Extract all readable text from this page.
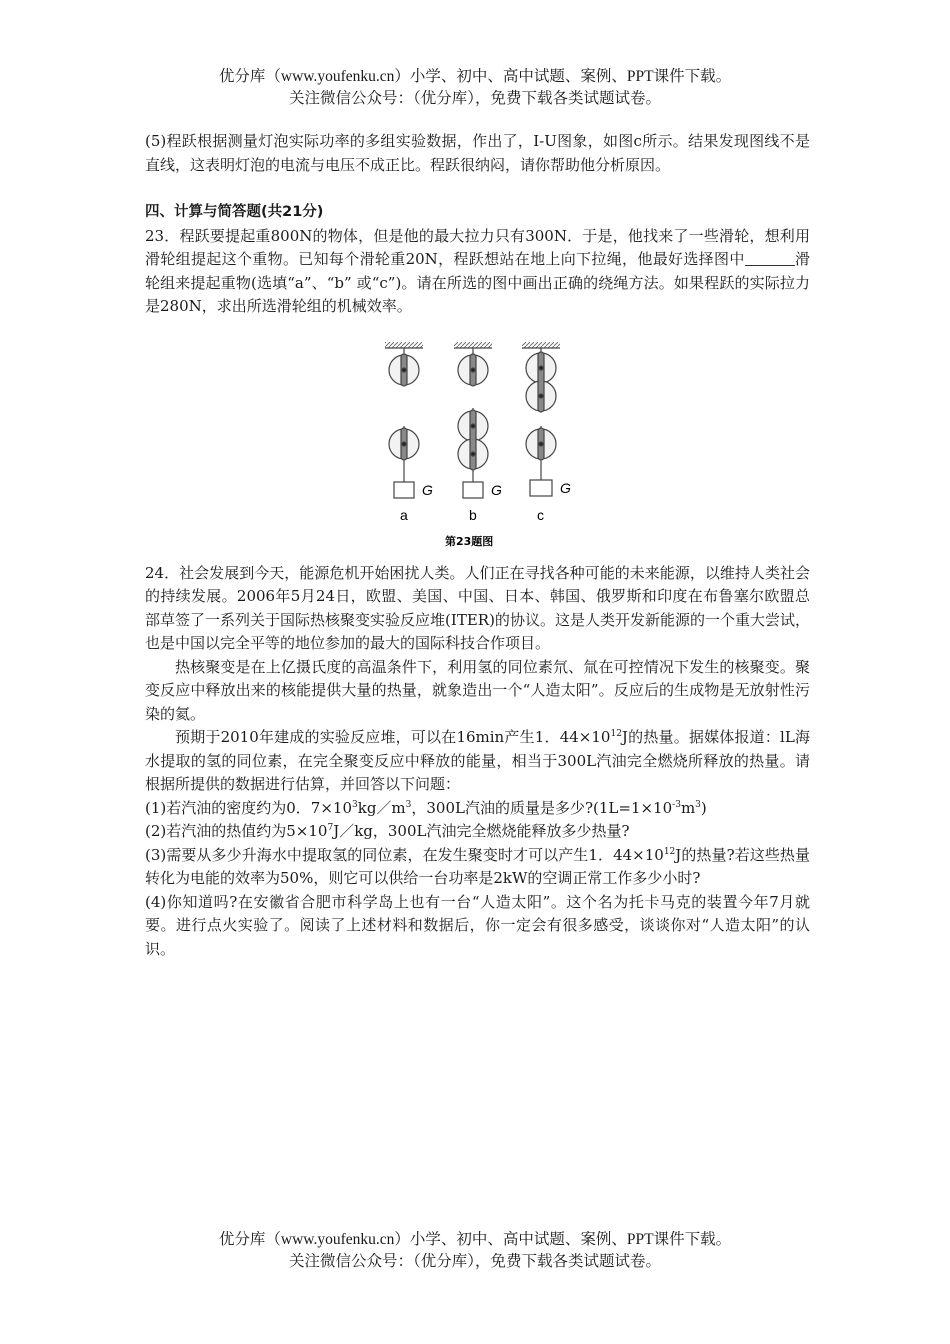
优分库（www.youfenku.cn）小学、初中、高中试题、案例、PPT课件下载。
关注微信公众号：（优分库），免费下载各类试题试卷。

(5)程跃根据测量灯泡实际功率的多组实验数据，作出了，I-U图象，如图c所示。结果发现图线不是直线，这表明灯泡的电流与电压不成正比。程跃很纳闷，请你帮助他分析原因。

四、计算与简答题(共21分)

23．程跃要提起重800N的物体，但是他的最大拉力只有300N．于是，他找来了一些滑轮，想利用滑轮组提起这个重物。已知每个滑轮重20N，程跃想站在地上向下拉绳，他最好选择图中	滑轮组来提起重物(选填“a”、“b” 或“c”)。请在所选的图中画出正确的绕绳方法。如果程跃的实际拉力是280N，求出所选滑轮组的机械效率。

24．社会发展到今天，能源危机开始困扰人类。人们正在寻找各种可能的未来能源，以维持人类社会的持续发展。2006年5月24日，欧盟、美国、中国、日本、韩国、俄罗斯和印度在布鲁塞尔欧盟总部草签了一系列关于国际热核聚变实验反应堆(ITER)的协议。这是人类开发新能源的一个重大尝试，也是中国以完全平等的地位参加的最大的国际科技合作项目。

热核聚变是在上亿摄氏度的高温条件下，利用氢的同位素氘、氚在可控情况下发生的核聚变。聚变反应中释放出来的核能提供大量的热量，就象造出一个“人造太阳”。反应后的生成物是无放射性污染的氦。

预期于2010年建成的实验反应堆，可以在16min产生1．$44\times 10^{12}J$的热量。据媒体报道：lL海水提取的氢的同位素，在完全聚变反应中释放的能量，相当于300L汽油完全燃烧所释放的热量。请根据所提供的数据进行估算，并回答以下问题：

(1)若汽油的密度约为0．$7\times 10^3kg/m^3$，300L汽油的质量是多少$?(1L=1\times 10^{-3}m^3)$

(2)若汽油的热值约为$5\times 10^7J/kg$，300L汽油完全燃烧能释放多少热量?

(3)需要从多少升海水中提取氢的同位素，在发生聚变时才可以产生1．$44\times 10^{12}J$的热量?若这些热量转化为电能的效率为50%，则它可以供给一台功率是2kW的空调正常工作多少小时?

(4)你知道吗?在安徽省合肥市科学岛上也有一台“人造太阳”。这个名为托卡马克的装置今年7月就要。进行点火实验了。阅读了上述材料和数据后，你一定会有很多感受，谈谈你对“人造太阳”的认识。

G	G	G
a	b	c
第23题图
优分库（www.youfenku.cn）小学、初中、高中试题、案例、PPT课件下载。
关注微信公众号：（优分库），免费下载各类试题试卷。
